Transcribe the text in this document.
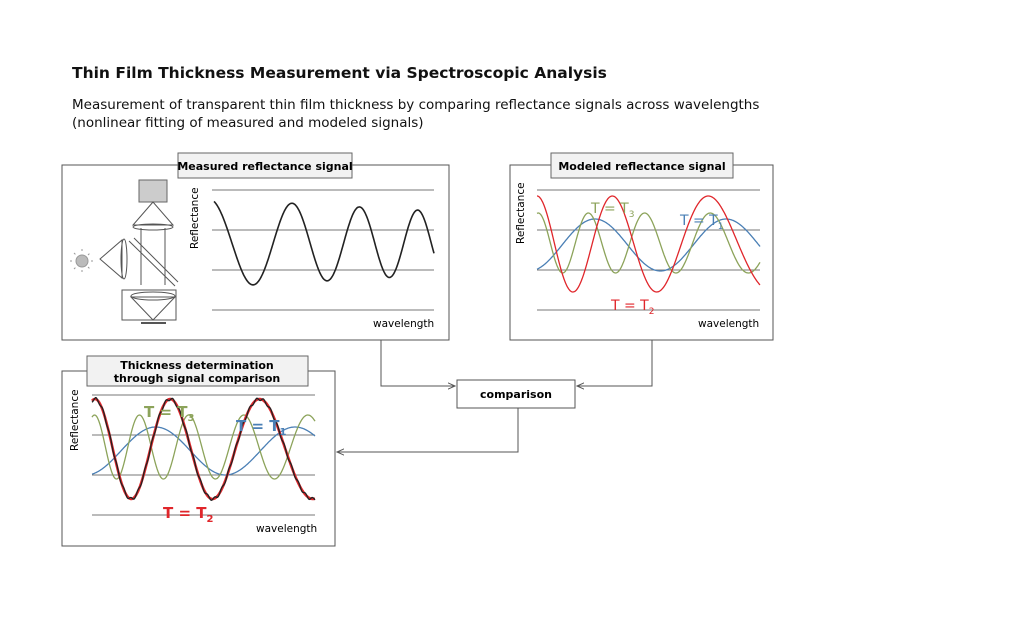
Thin Film Thickness Measurement via Spectroscopic Analysis
Measurement of transparent thin film thickness by comparing reflectance signals across wavelengths
(nonlinear fitting of measured and modeled signals)
Measured reflectance signal
Reflectance
wavelength
Modeled reflectance signal
Reflectance
wavelength
$T = T_3$	$T = T_1$
$T = T_2$
Thickness determination
through signal comparison
Reflectance
wavelength
$T = T_3$	$T = T_1$
$T = T_2$
comparison
